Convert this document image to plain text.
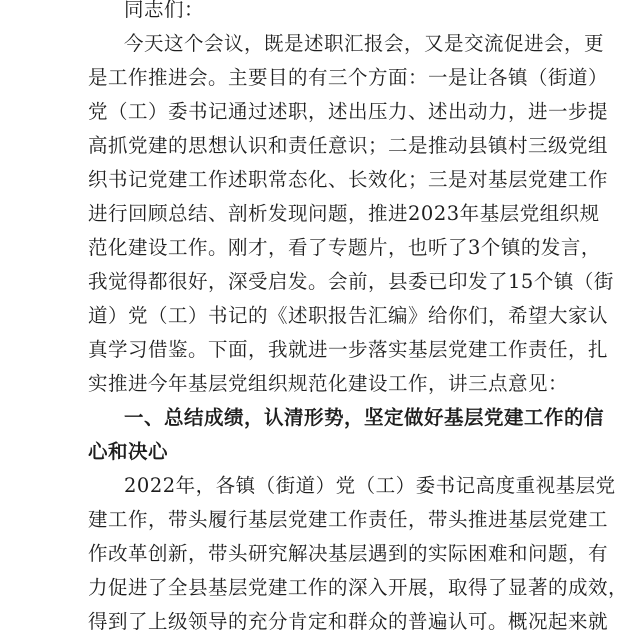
同志们：
今天这个会议，既是述职汇报会，又是交流促进会，更
是工作推进会。主要目的有三个方面：一是让各镇（街道）
党（工）委书记通过述职，述出压力、述出动力，进一步提
高抓党建的思想认识和责任意识；二是推动县镇村三级党组
织书记党建工作述职常态化、长效化；三是对基层党建工作
进行回顾总结、剖析发现问题，推进2023年基层党组织规
范化建设工作。刚才，看了专题片，也听了3个镇的发言，
我觉得都很好，深受启发。会前，县委已印发了15个镇（街
道）党（工）书记的《述职报告汇编》给你们，希望大家认
真学习借鉴。下面，我就进一步落实基层党建工作责任，扎
实推进今年基层党组织规范化建设工作，讲三点意见：
一、总结成绩，认清形势，坚定做好基层党建工作的信
心和决心
2022年，各镇（街道）党（工）委书记高度重视基层党
建工作，带头履行基层党建工作责任，带头推进基层党建工
作改革创新，带头研究解决基层遇到的实际困难和问题，有
力促进了全县基层党建工作的深入开展，取得了显著的成效，
得到了上级领导的充分肯定和群众的普遍认可。概况起来就
